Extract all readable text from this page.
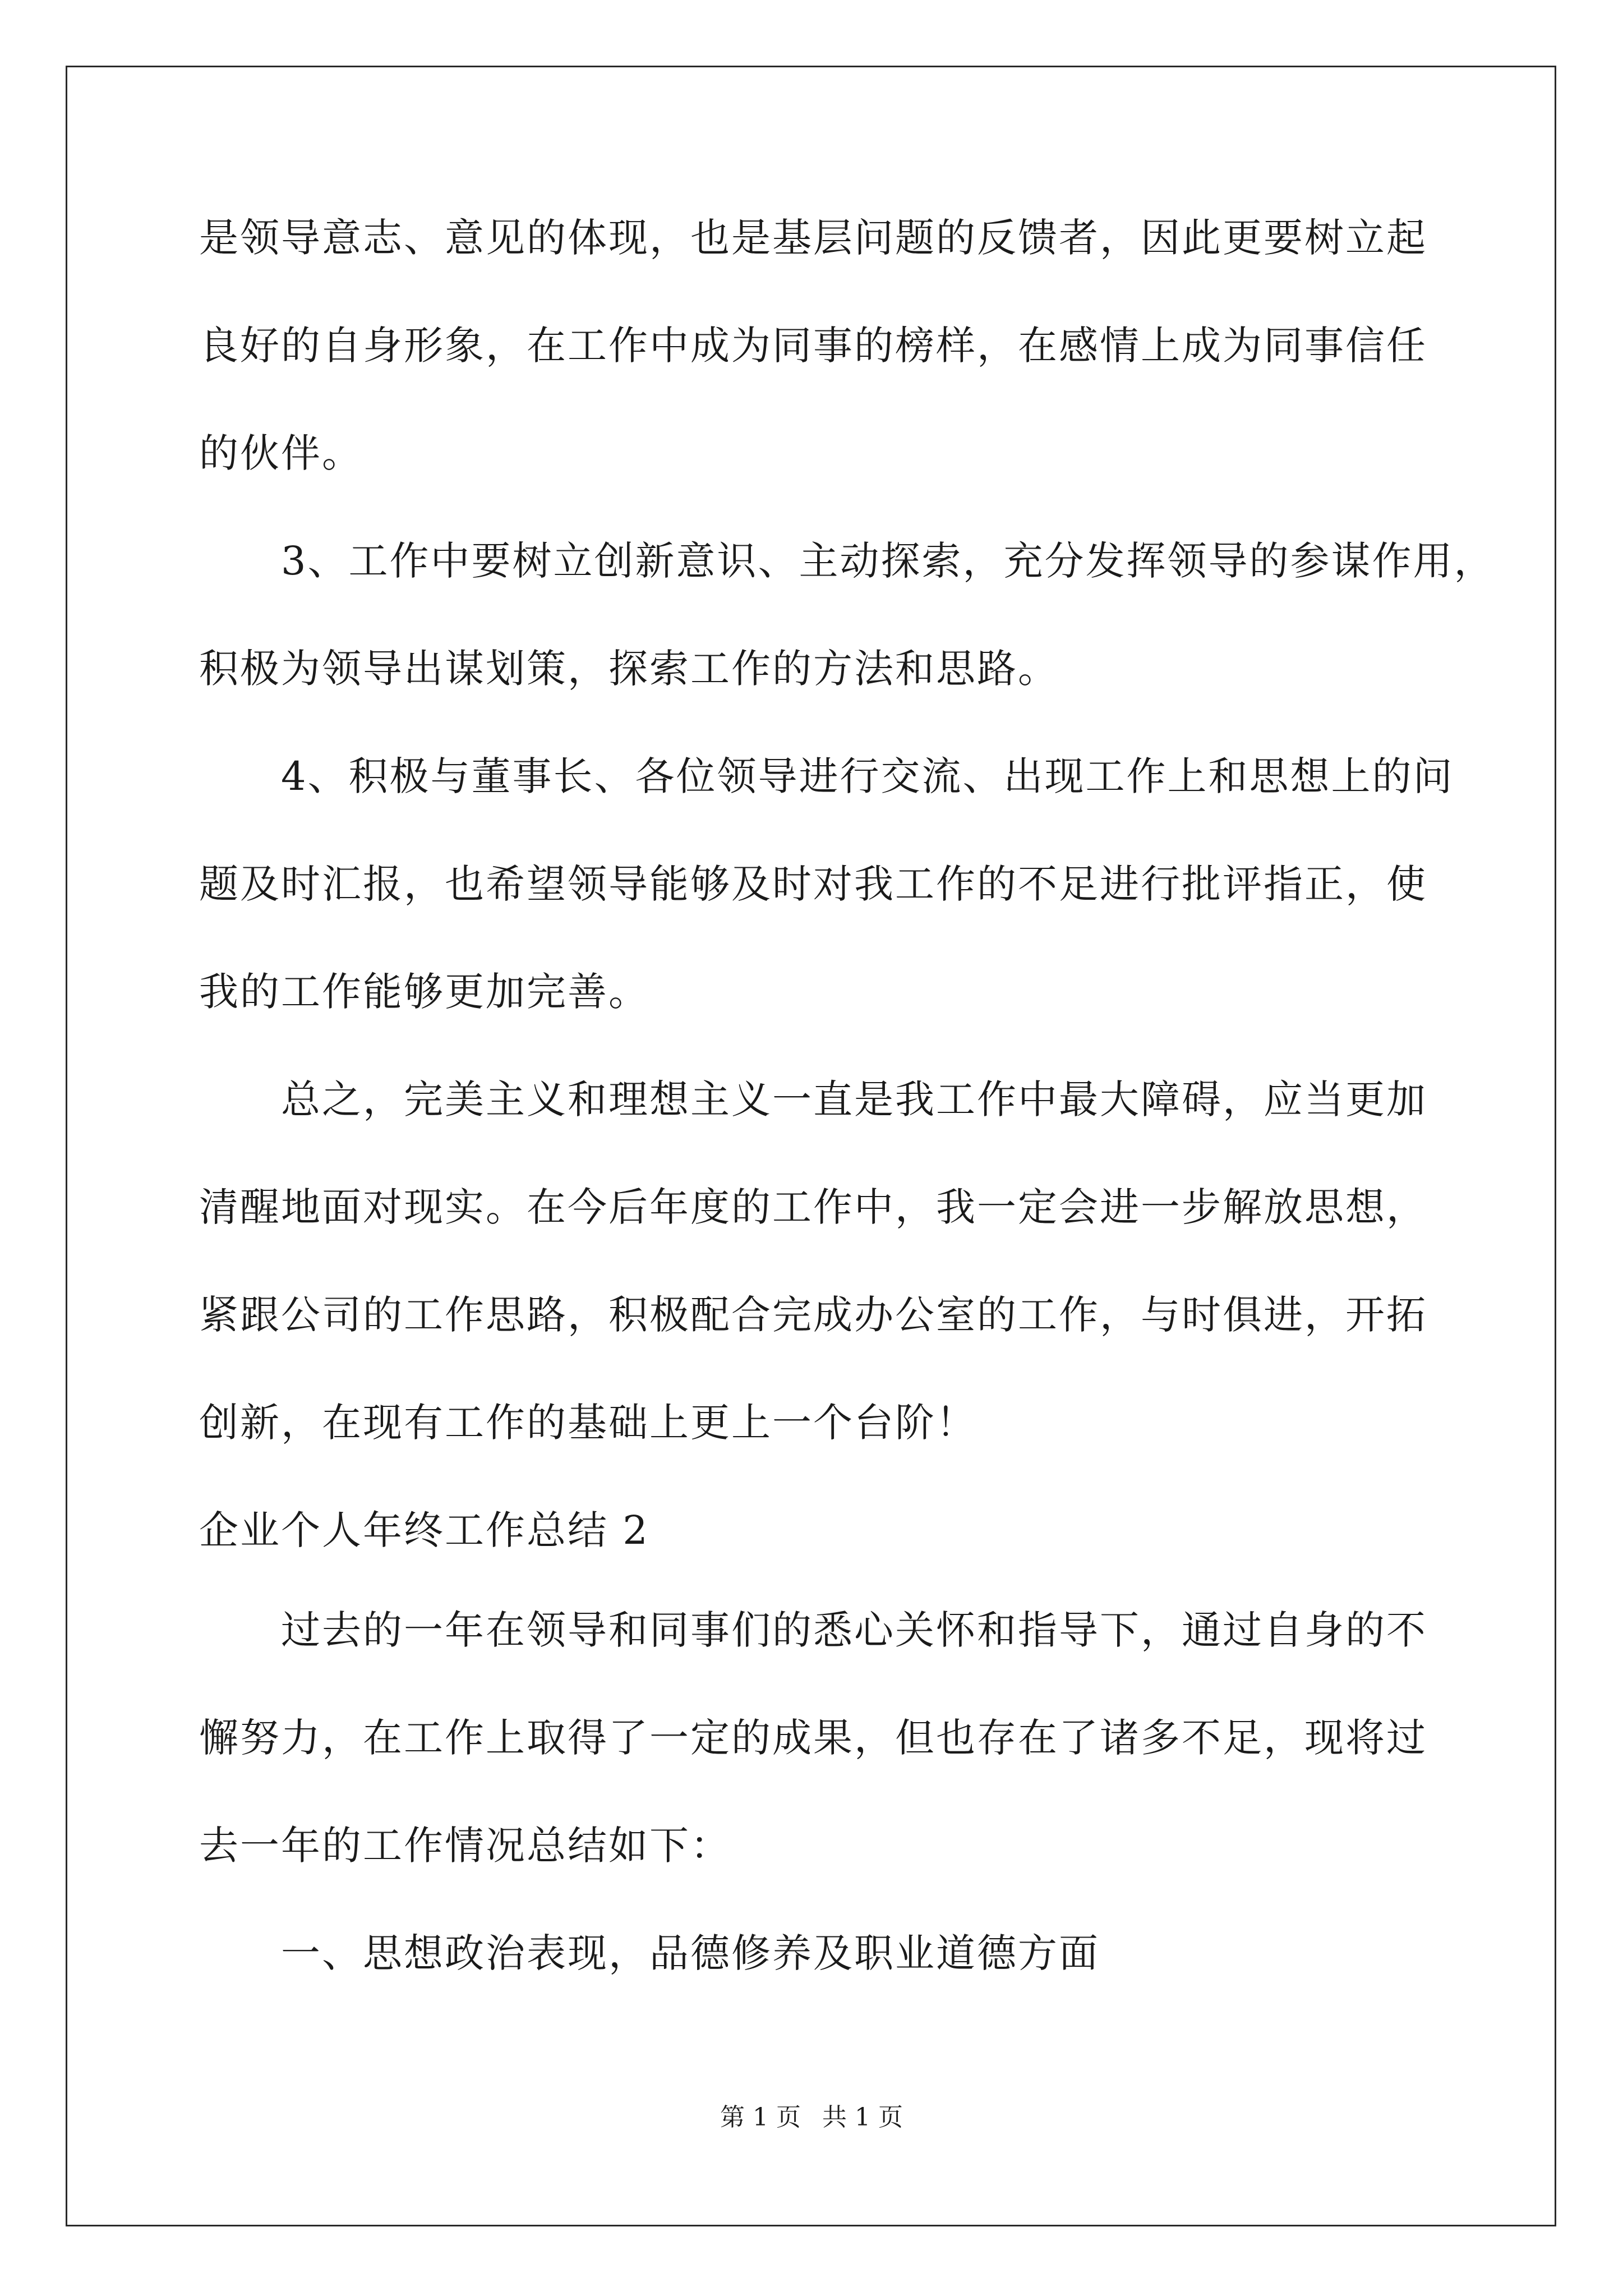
是领导意志、意见的体现，也是基层问题的反馈者，因此更要树立起
良好的自身形象，在工作中成为同事的榜样，在感情上成为同事信任
的伙伴。
3、工作中要树立创新意识、主动探索，充分发挥领导的参谋作用，
积极为领导出谋划策，探索工作的方法和思路。
4、积极与董事长、各位领导进行交流、出现工作上和思想上的问
题及时汇报，也希望领导能够及时对我工作的不足进行批评指正，使
我的工作能够更加完善。
总之，完美主义和理想主义一直是我工作中最大障碍，应当更加
清醒地面对现实。在今后年度的工作中，我一定会进一步解放思想，
紧跟公司的工作思路，积极配合完成办公室的工作，与时俱进，开拓
创新，在现有工作的基础上更上一个台阶！
企业个人年终工作总结 2
过去的一年在领导和同事们的悉心关怀和指导下，通过自身的不
懈努力，在工作上取得了一定的成果，但也存在了诸多不足，现将过
去一年的工作情况总结如下：
一、思想政治表现，品德修养及职业道德方面
第 1 页 共 1 页
